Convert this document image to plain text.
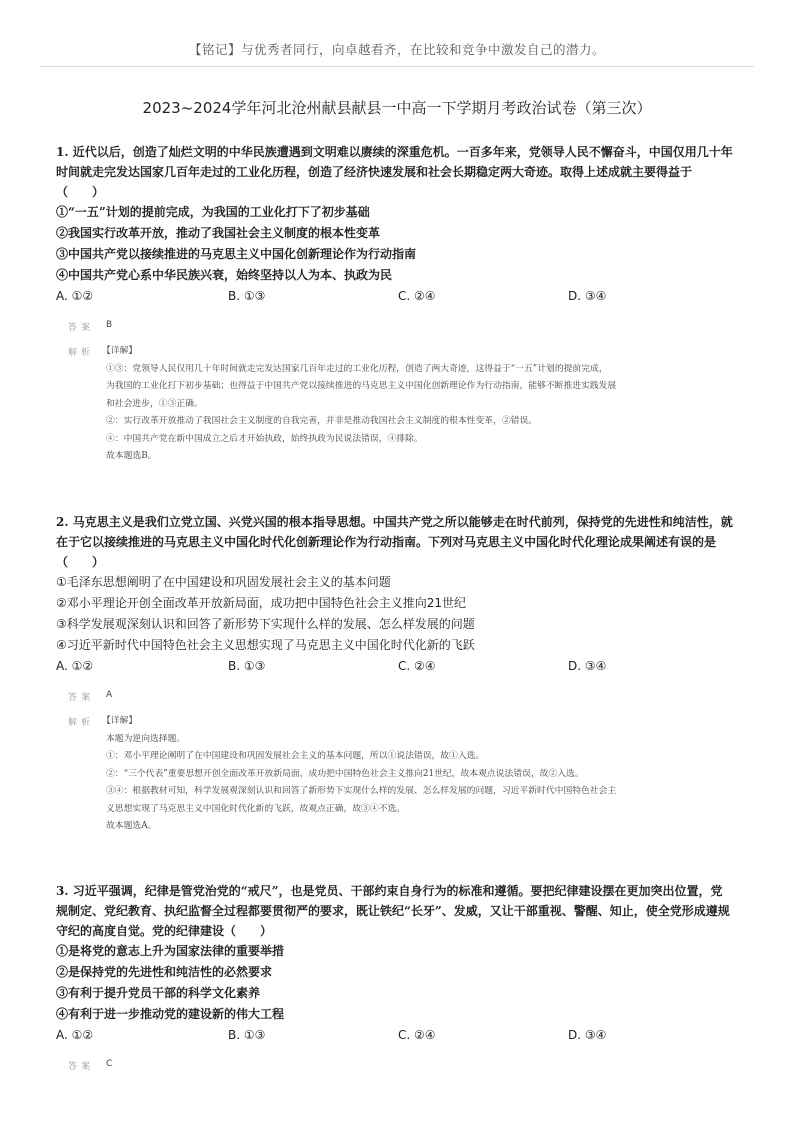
【铭记】与优秀者同行，向卓越看齐，在比较和竞争中激发自己的潜力。
2023~2024学年河北沧州献县献县一中高一下学期月考政治试卷（第三次）
1. 近代以后，创造了灿烂文明的中华民族遭遇到文明难以赓续的深重危机。一百多年来，党领导人民不懈奋斗，中国仅用几十年
时间就走完发达国家几百年走过的工业化历程，创造了经济快速发展和社会长期稳定两大奇迹。取得上述成就主要得益于
（　　）
①“一五”计划的提前完成，为我国的工业化打下了初步基础
②我国实行改革开放，推动了我国社会主义制度的根本性变革
③中国共产党以接续推进的马克思主义中国化创新理论作为行动指南
④中国共产党心系中华民族兴衰，始终坚持以人为本、执政为民
A. ①②	B. ①③	C. ②④	D. ③④
答案 B
解析 【详解】
①③：党领导人民仅用几十年时间就走完发达国家几百年走过的工业化历程，创造了两大奇迹，这得益于“一五”计划的提前完成，
为我国的工业化打下初步基础；也得益于中国共产党以接续推进的马克思主义中国化创新理论作为行动指南，能够不断推进实践发展
和社会进步，①③正确。
②：实行改革开放推动了我国社会主义制度的自我完善，并非是推动我国社会主义制度的根本性变革，②错误。
④：中国共产党在新中国成立之后才开始执政，始终执政为民说法错误，④排除。
故本题选B。
2. 马克思主义是我们立党立国、兴党兴国的根本指导思想。中国共产党之所以能够走在时代前列，保持党的先进性和纯洁性，就
在于它以接续推进的马克思主义中国化时代化创新理论作为行动指南。下列对马克思主义中国化时代化理论成果阐述有误的是
（　　）
①毛泽东思想阐明了在中国建设和巩固发展社会主义的基本问题
②邓小平理论开创全面改革开放新局面，成功把中国特色社会主义推向21世纪
③科学发展观深刻认识和回答了新形势下实现什么样的发展、怎么样发展的问题
④习近平新时代中国特色社会主义思想实现了马克思主义中国化时代化新的飞跃
A. ①②	B. ①③	C. ②④	D. ③④
答案 A
解析 【详解】
本题为逆向选择题。
①：邓小平理论阐明了在中国建设和巩固发展社会主义的基本问题，所以①说法错误，故①入选。
②：“三个代表”重要思想开创全面改革开放新局面，成功把中国特色社会主义推向21世纪，故本观点说法错误，故②入选。
③④：根据教材可知，科学发展观深刻认识和回答了新形势下实现什么样的发展、怎么样发展的问题，习近平新时代中国特色社会主
义思想实现了马克思主义中国化时代化新的飞跃，故观点正确，故③④不选。
故本题选A。
3. 习近平强调，纪律是管党治党的“戒尺”，也是党员、干部约束自身行为的标准和遵循。要把纪律建设摆在更加突出位置，党
规制定、党纪教育、执纪监督全过程都要贯彻严的要求，既让铁纪“长牙”、发威，又让干部重视、警醒、知止，使全党形成遵规
守纪的高度自觉。党的纪律建设（　　）
①是将党的意志上升为国家法律的重要举措
②是保持党的先进性和纯洁性的必然要求
③有利于提升党员干部的科学文化素养
④有利于进一步推动党的建设新的伟大工程
A. ①②	B. ①③	C. ②④	D. ③④
答案 C
